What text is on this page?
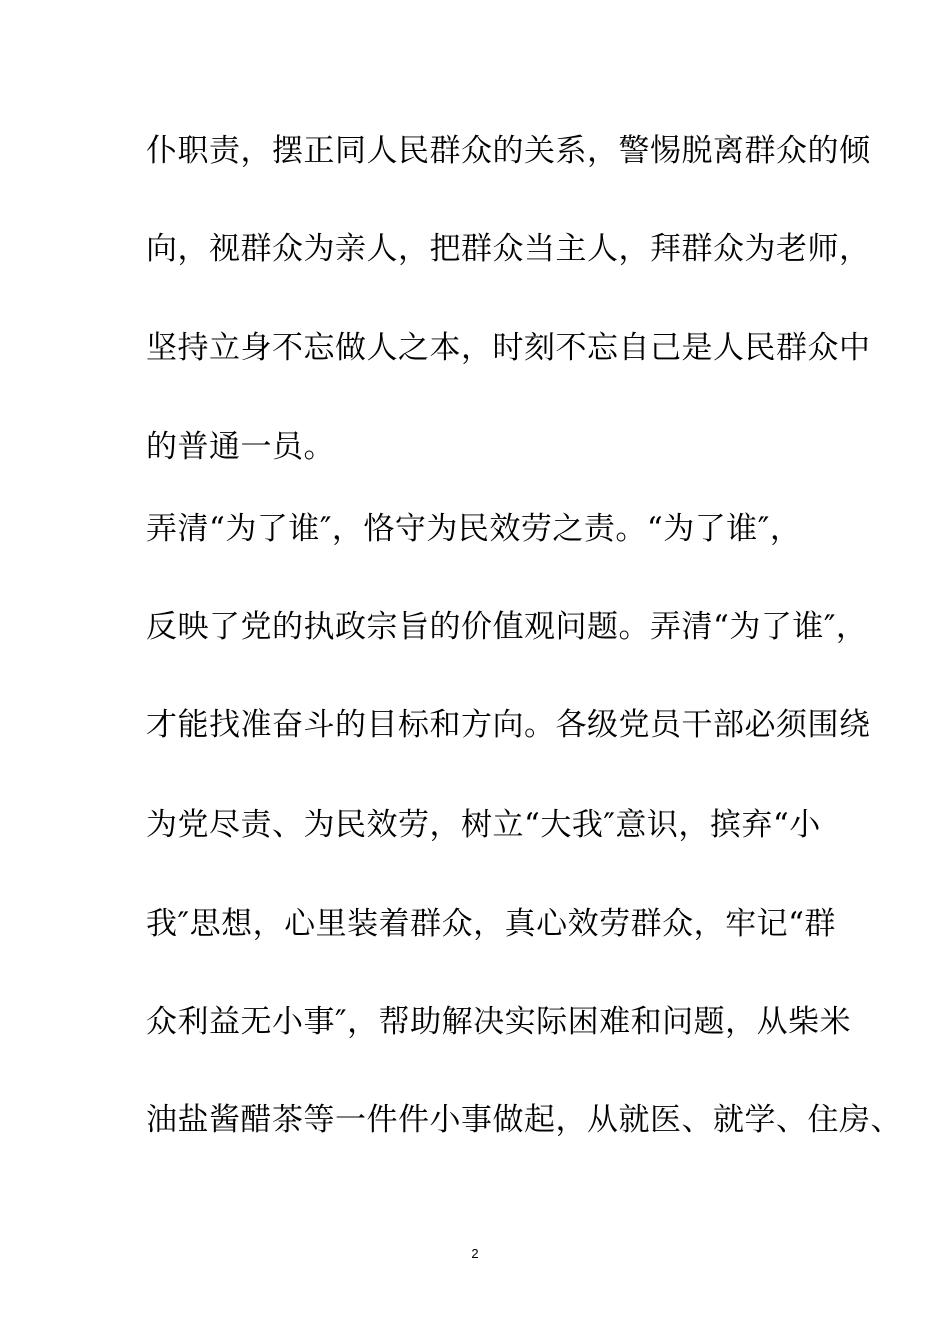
仆职责，摆正同人民群众的关系，警惕脱离群众的倾
向，视群众为亲人，把群众当主人，拜群众为老师，
坚持立身不忘做人之本，时刻不忘自己是人民群众中
的普通一员。
弄清“为了谁″，恪守为民效劳之责。“为了谁″，
反映了党的执政宗旨的价值观问题。弄清“为了谁″，
才能找准奋斗的目标和方向。各级党员干部必须围绕
为党尽责、为民效劳，树立“大我″意识，摈弃“小
我″思想，心里装着群众，真心效劳群众，牢记“群
众利益无小事″，帮助解决实际困难和问题，从柴米
油盐酱醋茶等一件件小事做起，从就医、就学、住房、
2
